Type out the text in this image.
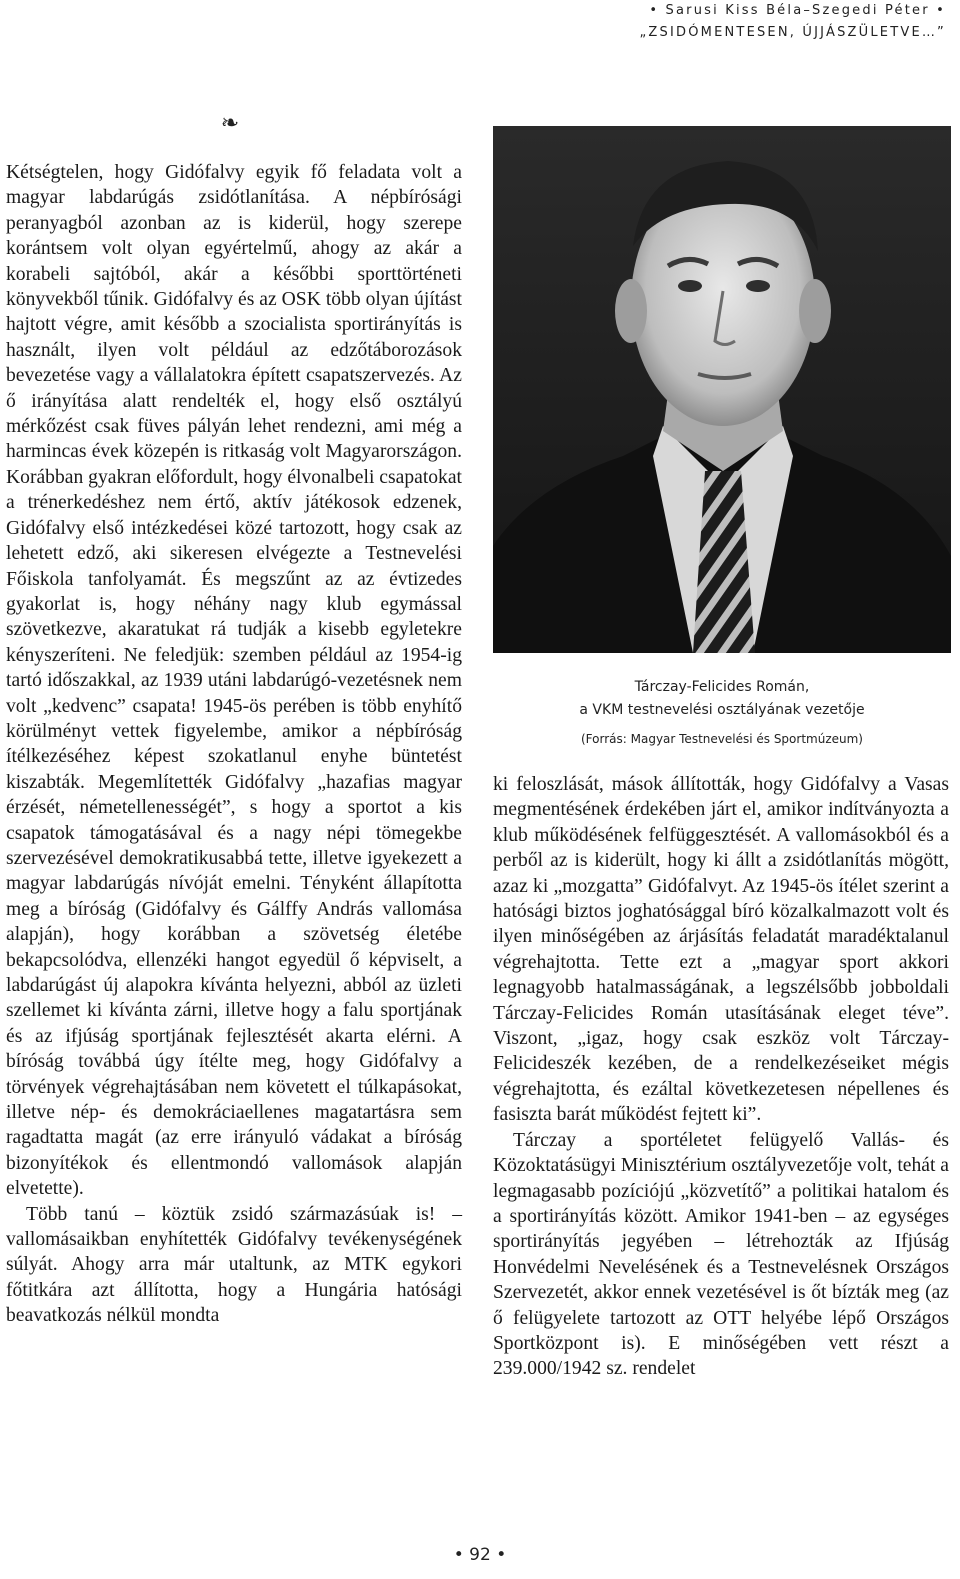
• Sarusi Kiss Béla–Szegedi Péter •
„ZSIDÓMENTESEN, ÚJJÁSZÜLETVE…”
❧

Kétségtelen, hogy Gidófalvy egyik fő feladata volt a magyar labdarúgás zsidótlanítása. A népbírósági peranyagból azonban az is kiderül, hogy szerepe korántsem volt olyan egyértelmű, ahogy az akár a korabeli sajtóból, akár a későbbi sporttörténeti könyvekből tűnik. Gidófalvy és az OSK több olyan újítást hajtott végre, amit később a szocialista sportirányítás is használt, ilyen volt például az edzőtáborozások bevezetése vagy a vállalatokra épített csapatszervezés. Az ő irányítása alatt rendelték el, hogy első osztályú mérkőzést csak füves pályán lehet rendezni, ami még a harmincas évek közepén is ritkaság volt Magyarországon. Korábban gyakran előfordult, hogy élvonalbeli csapatokat a trénerkedéshez nem értő, aktív játékosok edzenek, Gidófalvy első intézkedései közé tartozott, hogy csak az lehetett edző, aki sikeresen elvégezte a Testnevelési Főiskola tanfolyamát. És megszűnt az az évtizedes gyakorlat is, hogy néhány nagy klub egymással szövetkezve, akaratukat rá tudják a kisebb egyletekre kényszeríteni. Ne feledjük: szemben például az 1954-ig tartó időszakkal, az 1939 utáni labdarúgó-vezetésnek nem volt „kedvenc” csapata! 1945-ös perében is több enyhítő körülményt vettek figyelembe, amikor a népbíróság ítélkezéséhez képest szokatlanul enyhe büntetést kiszabták. Megemlítették Gidófalvy „hazafias magyar érzését, németellenességét”, s hogy a sportot a kis csapatok támogatásával és a nagy népi tömegekbe szervezésével demokratikusabbá tette, illetve igyekezett a magyar labdarúgás nívóját emelni. Tényként állapította meg a bíróság (Gidófalvy és Gálffy András vallomása alapján), hogy korábban a szövetség életébe bekapcsolódva, ellenzéki hangot egyedül ő képviselt, a labdarúgást új alapokra kívánta helyezni, abból az üzleti szellemet ki kívánta zárni, illetve hogy a falu sportjának és az ifjúság sportjának fejlesztését akarta elérni. A bíróság továbbá úgy ítélte meg, hogy Gidófalvy a törvények végrehajtásában nem követett el túlkapásokat, illetve nép- és demokráciaellenes magatartásra sem ragadtatta magát (az erre irányuló vádakat a bíróság bizonyítékok és ellentmondó vallomások alapján elvetette).

Több tanú – köztük zsidó származásúak is! – vallomásaikban enyhítették Gidófalvy tevékenységének súlyát. Ahogy arra már utaltunk, az MTK egykori főtitkára azt állította, hogy a Hungária hatósági beavatkozás nélkül mondta

Tárczay-Felicides Román,
a VKM testnevelési osztályának vezetője
(Forrás: Magyar Testnevelési és Sportmúzeum)

ki feloszlását, mások állították, hogy Gidófalvy a Vasas megmentésének érdekében járt el, amikor indítványozta a klub működésének felfüggesztését. A vallomásokból és a perből az is kiderült, hogy ki állt a zsidótlanítás mögött, azaz ki „mozgatta” Gidófalvyt. Az 1945-ös ítélet szerint a hatósági biztos joghatósággal bíró közalkalmazott volt és ilyen minőségében az árjásítás feladatát maradéktalanul végrehajtotta. Tette ezt a „magyar sport akkori legnagyobb hatalmasságának, a legszélsőbb jobboldali Tárczay-Felicides Román utasításának eleget téve”. Viszont, „igaz, hogy csak eszköz volt Tárczay-Felicideszék kezében, de a rendelkezéseiket mégis végrehajtotta, és ezáltal következetesen népellenes és fasiszta barát működést fejtett ki”.

Tárczay a sportéletet felügyelő Vallás- és Közoktatásügyi Minisztérium osztályvezetője volt, tehát a legmagasabb pozíciójú „közvetítő” a politikai hatalom és a sportirányítás között. Amikor 1941-ben – az egységes sportirányítás jegyében – létrehozták az Ifjúság Honvédelmi Nevelésének és a Testnevelésnek Országos Szervezetét, akkor ennek vezetésével is őt bízták meg (az ő felügyelete tartozott az OTT helyébe lépő Országos Sportközpont is). E minőségében vett részt a 239.000/1942 sz. rendelet

• 92 •
